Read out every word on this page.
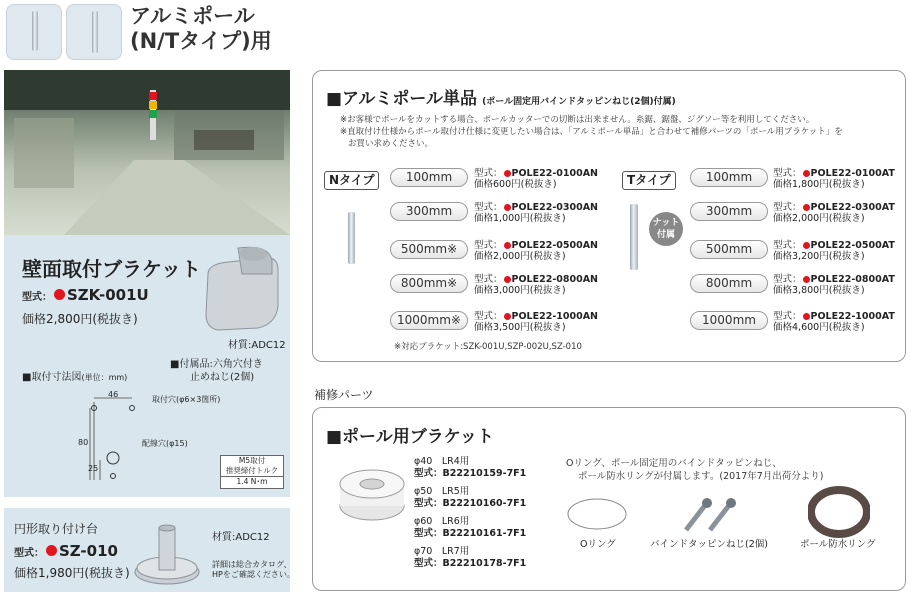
アルミポール
(N/Tタイプ)用
壁面取付ブラケット
型式： SZK-001U
価格2,800円(税抜き)
材質:ADC12
■取付寸法図(単位：mm)
■付属品:六角穴付き
止めねじ(2個)
46
80
25
取付穴(φ6×3箇所)
配線穴(φ15)
M5取付
推奨締付トルク
1.4 N･m
円形取り付け台
型式： SZ-010
価格1,980円(税抜き)
材質:ADC12
詳細は総合カタログ、
HPをご確認ください。
■アルミポール単品 (ポール固定用バインドタッピンねじ(2個)付属)
※お客様でポールをカットする場合、ポールカッターでの切断は出来ません。糸鋸、鋸盤、ジグソー等を利用してください。
※直取付け仕様からポール取付け仕様に変更したい場合は、「アルミポール単品」と合わせて補修パーツの「ポール用ブラケット」を
お買い求めください。
Nタイプ	Tタイプ
ナット
付属
100mm	型式： POLE22-0100AN
価格600円(税抜き)
300mm	型式： POLE22-0300AN
価格1,000円(税抜き)
500mm※	型式： POLE22-0500AN
価格2,000円(税抜き)
800mm※	型式： POLE22-0800AN
価格3,000円(税抜き)
1000mm※	型式： POLE22-1000AN
価格3,500円(税抜き)
100mm	型式： POLE22-0100AT
価格1,800円(税抜き)
300mm	型式： POLE22-0300AT
価格2,000円(税抜き)
500mm	型式： POLE22-0500AT
価格3,200円(税抜き)
800mm	型式： POLE22-0800AT
価格3,800円(税抜き)
1000mm	型式： POLE22-1000AT
価格4,600円(税抜き)
※対応ブラケット:SZK-001U,SZP-002U,SZ-010
補修パーツ
■ポール用ブラケット
φ40　LR4用
型式：B22210159-7F1
φ50　LR5用
型式：B22210160-7F1
φ60　LR6用
型式：B22210161-7F1
φ70　LR7用
型式：B22210178-7F1
Oリング、ポール固定用のバインドタッピンねじ、
ポール防水リングが付属します。(2017年7月出荷分より)
Oリング	バインドタッピンねじ(2個)	ポール防水リング
